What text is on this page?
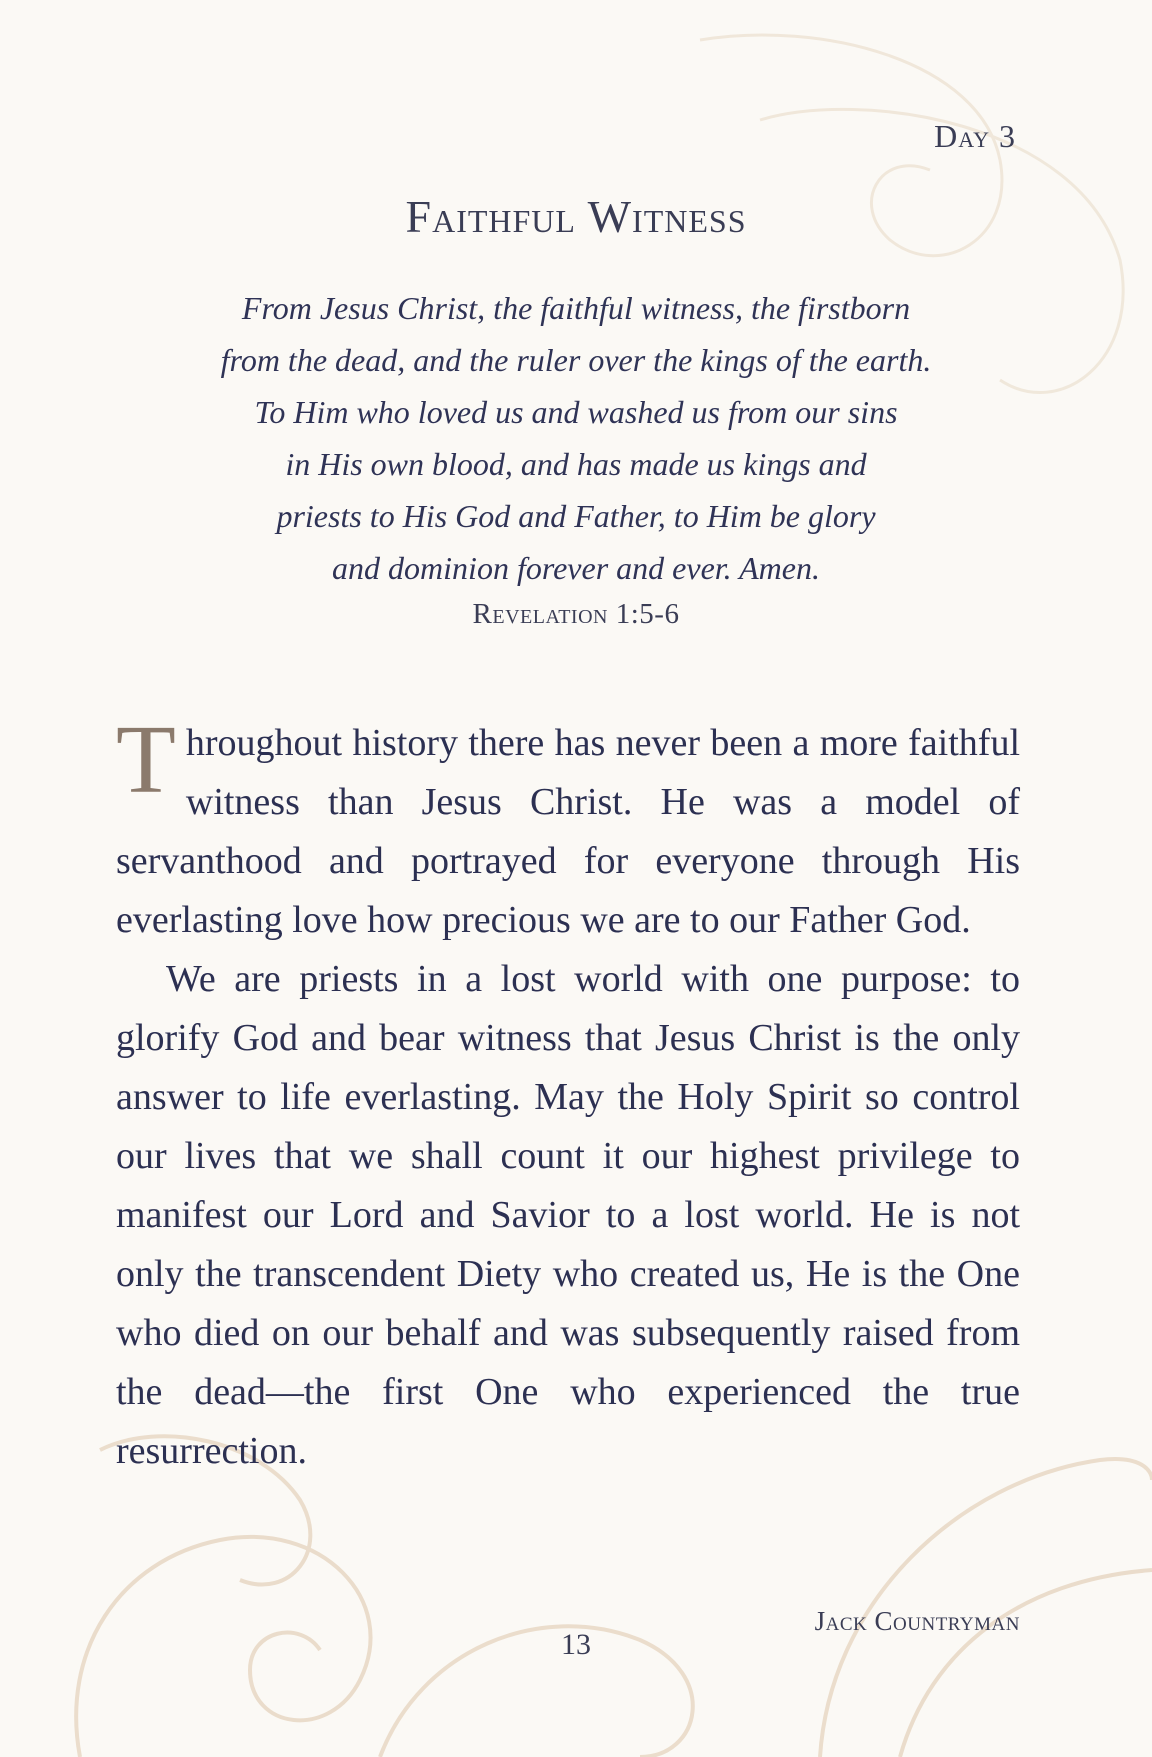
Day 3
Faithful Witness
From Jesus Christ, the faithful witness, the firstborn
from the dead, and the ruler over the kings of the earth.
To Him who loved us and washed us from our sins
in His own blood, and has made us kings and
priests to His God and Father, to Him be glory
and dominion forever and ever. Amen.
Revelation 1:5-6

Throughout history there has never been a more faithful witness than Jesus Christ. He was a model of servanthood and portrayed for everyone through His everlasting love how precious we are to our Father God.

We are priests in a lost world with one purpose: to glorify God and bear witness that Jesus Christ is the only answer to life everlasting. May the Holy Spirit so control our lives that we shall count it our highest privilege to manifest our Lord and Savior to a lost world. He is not only the transcendent Diety who created us, He is the One who died on our behalf and was subsequently raised from the dead—the first One who experienced the true resurrection.

13
Jack Countryman
